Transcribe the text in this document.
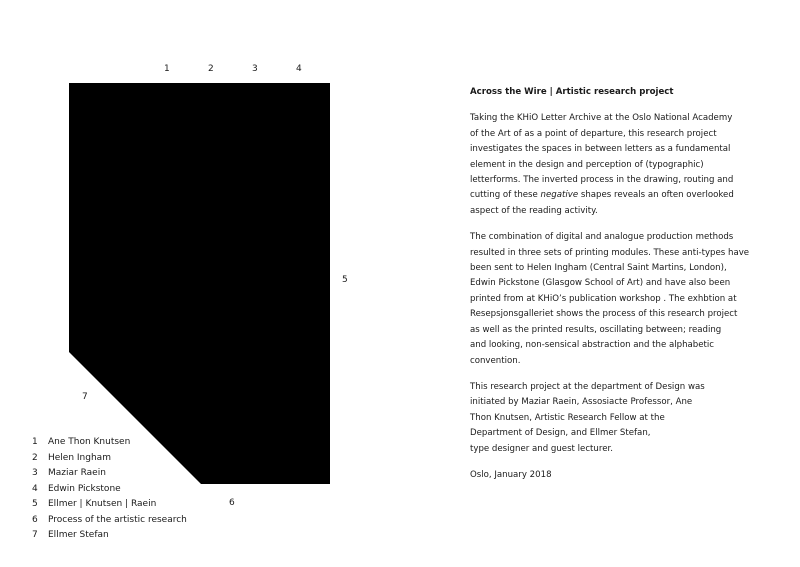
1	2	3	4
5
6
7
1 Ane Thon Knutsen
2 Helen Ingham
3 Maziar Raein
4 Edwin Pickstone
5 Ellmer | Knutsen | Raein
6 Process of the artistic research
7 Ellmer Stefan
Across the Wire | Artistic research project
Taking the KHiO Letter Archive at the Oslo National Academy
of the Art of as a point of departure, this research project
investigates the spaces in between letters as a fundamental
element in the design and perception of (typographic)
letterforms. The inverted process in the drawing, routing and
cutting of these negative shapes reveals an often overlooked
aspect of the reading activity.
The combination of digital and analogue production methods
resulted in three sets of printing modules. These anti-types have
been sent to Helen Ingham (Central Saint Martins, London),
Edwin Pickstone (Glasgow School of Art) and have also been
printed from at KHiO’s publication workshop . The exhbtion at
Resepsjonsgalleriet shows the process of this research project
as well as the printed results, oscillating between; reading
and looking, non-sensical abstraction and the alphabetic
convention.
This research project at the department of Design was
initiated by Maziar Raein, Assosiacte Professor, Ane
Thon Knutsen, Artistic Research Fellow at the
Department of Design, and Ellmer Stefan,
type designer and guest lecturer.
Oslo, January 2018
